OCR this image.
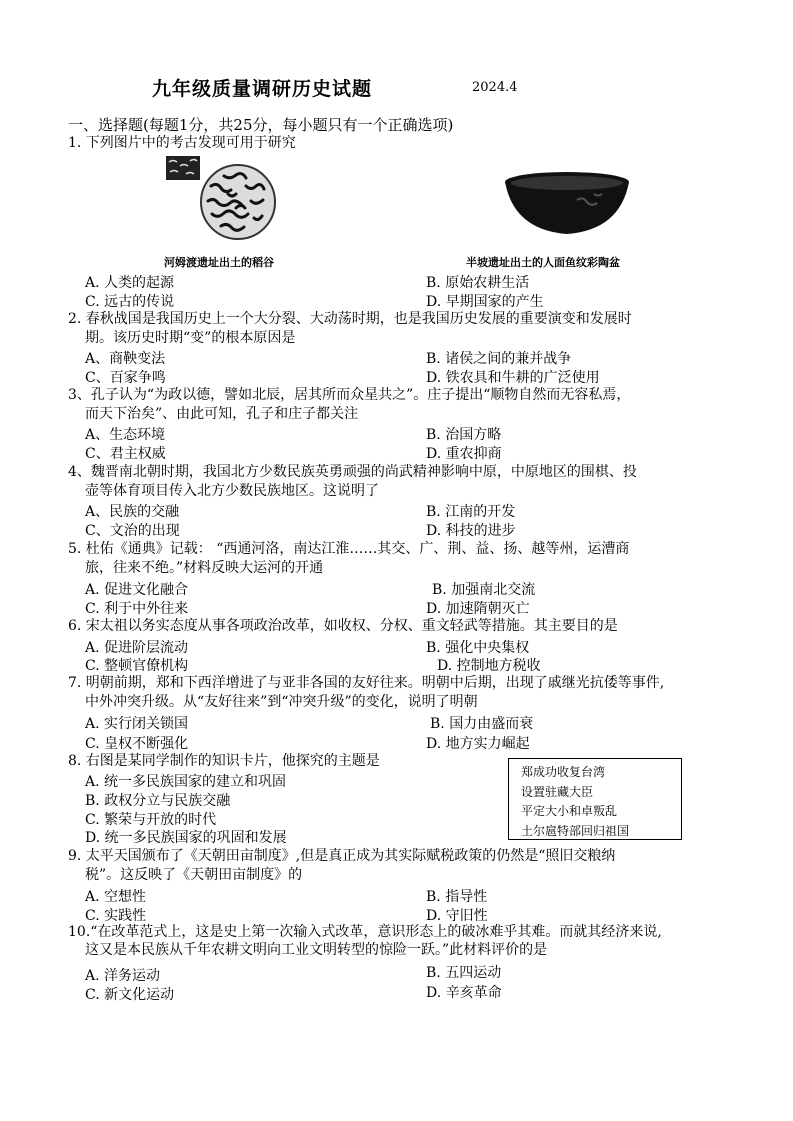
九年级质量调研历史试题	2024.4
一、选择题(每题1分，共25分，每小题只有一个正确选项)
1. 下列图片中的考古发现可用于研究
河姆渡遗址出土的稻谷	半坡遗址出土的人面鱼纹彩陶盆
A. 人类的起源	B. 原始农耕生活
C. 远古的传说	D. 早期国家的产生
2. 春秋战国是我国历史上一个大分裂、大动荡时期，也是我国历史发展的重要演变和发展时
期。该历史时期“变”的根本原因是
A、商鞅变法	B. 诸侯之间的兼并战争
C、百家争鸣	D. 铁农具和牛耕的广泛使用
3、孔子认为“为政以德，譬如北辰，居其所而众星共之”。庄子提出“顺物自然而无容私焉，
而天下治矣”、由此可知，孔子和庄子都关注
A、生态环境	B. 治国方略
C、君主权威	D. 重农抑商
4、魏晋南北朝时期，我国北方少数民族英勇顽强的尚武精神影响中原，中原地区的围棋、投
壶等体育项目传入北方少数民族地区。这说明了
A、民族的交融	B. 江南的开发
C、文治的出现	D. 科技的进步
5. 杜佑《通典》记载： “西通河洛，南达江淮……其交、广、荆、益、扬、越等州，运漕商
旅，往来不绝。”材料反映大运河的开通
A. 促进文化融合	B. 加强南北交流
C. 利于中外往来	D. 加速隋朝灭亡
6. 宋太祖以务实态度从事各项政治改革，如收权、分权、重文轻武等措施。其主要目的是
A. 促进阶层流动	B. 强化中央集权
C. 整顿官僚机构	D. 控制地方税收
7. 明朝前期，郑和下西洋增进了与亚非各国的友好往来。明朝中后期，出现了戚继光抗倭等事件,
中外冲突升级。从“友好往来”到“冲突升级”的变化，说明了明朝
A. 实行闭关锁国	B. 国力由盛而衰
C. 皇权不断强化	D. 地方实力崛起
8. 右图是某同学制作的知识卡片，他探究的主题是
A. 统一多民族国家的建立和巩固
B. 政权分立与民族交融
C. 繁荣与开放的时代
D. 统一多民族国家的巩固和发展
郑成功收复台湾
设置驻藏大臣
平定大小和卓叛乱
土尔扈特部回归祖国
9. 太平天国颁布了《天朝田亩制度》,但是真正成为其实际赋税政策的仍然是“照旧交粮纳
税”。这反映了《天朝田亩制度》的
A. 空想性	B. 指导性
C. 实践性	D. 守旧性
10.“在改革范式上，这是史上第一次输入式改革，意识形态上的破冰难乎其难。而就其经济来说,
这又是本民族从千年农耕文明向工业文明转型的惊险一跃。”此材料评价的是
A. 洋务运动	B. 五四运动
C. 新文化运动	D. 辛亥革命
